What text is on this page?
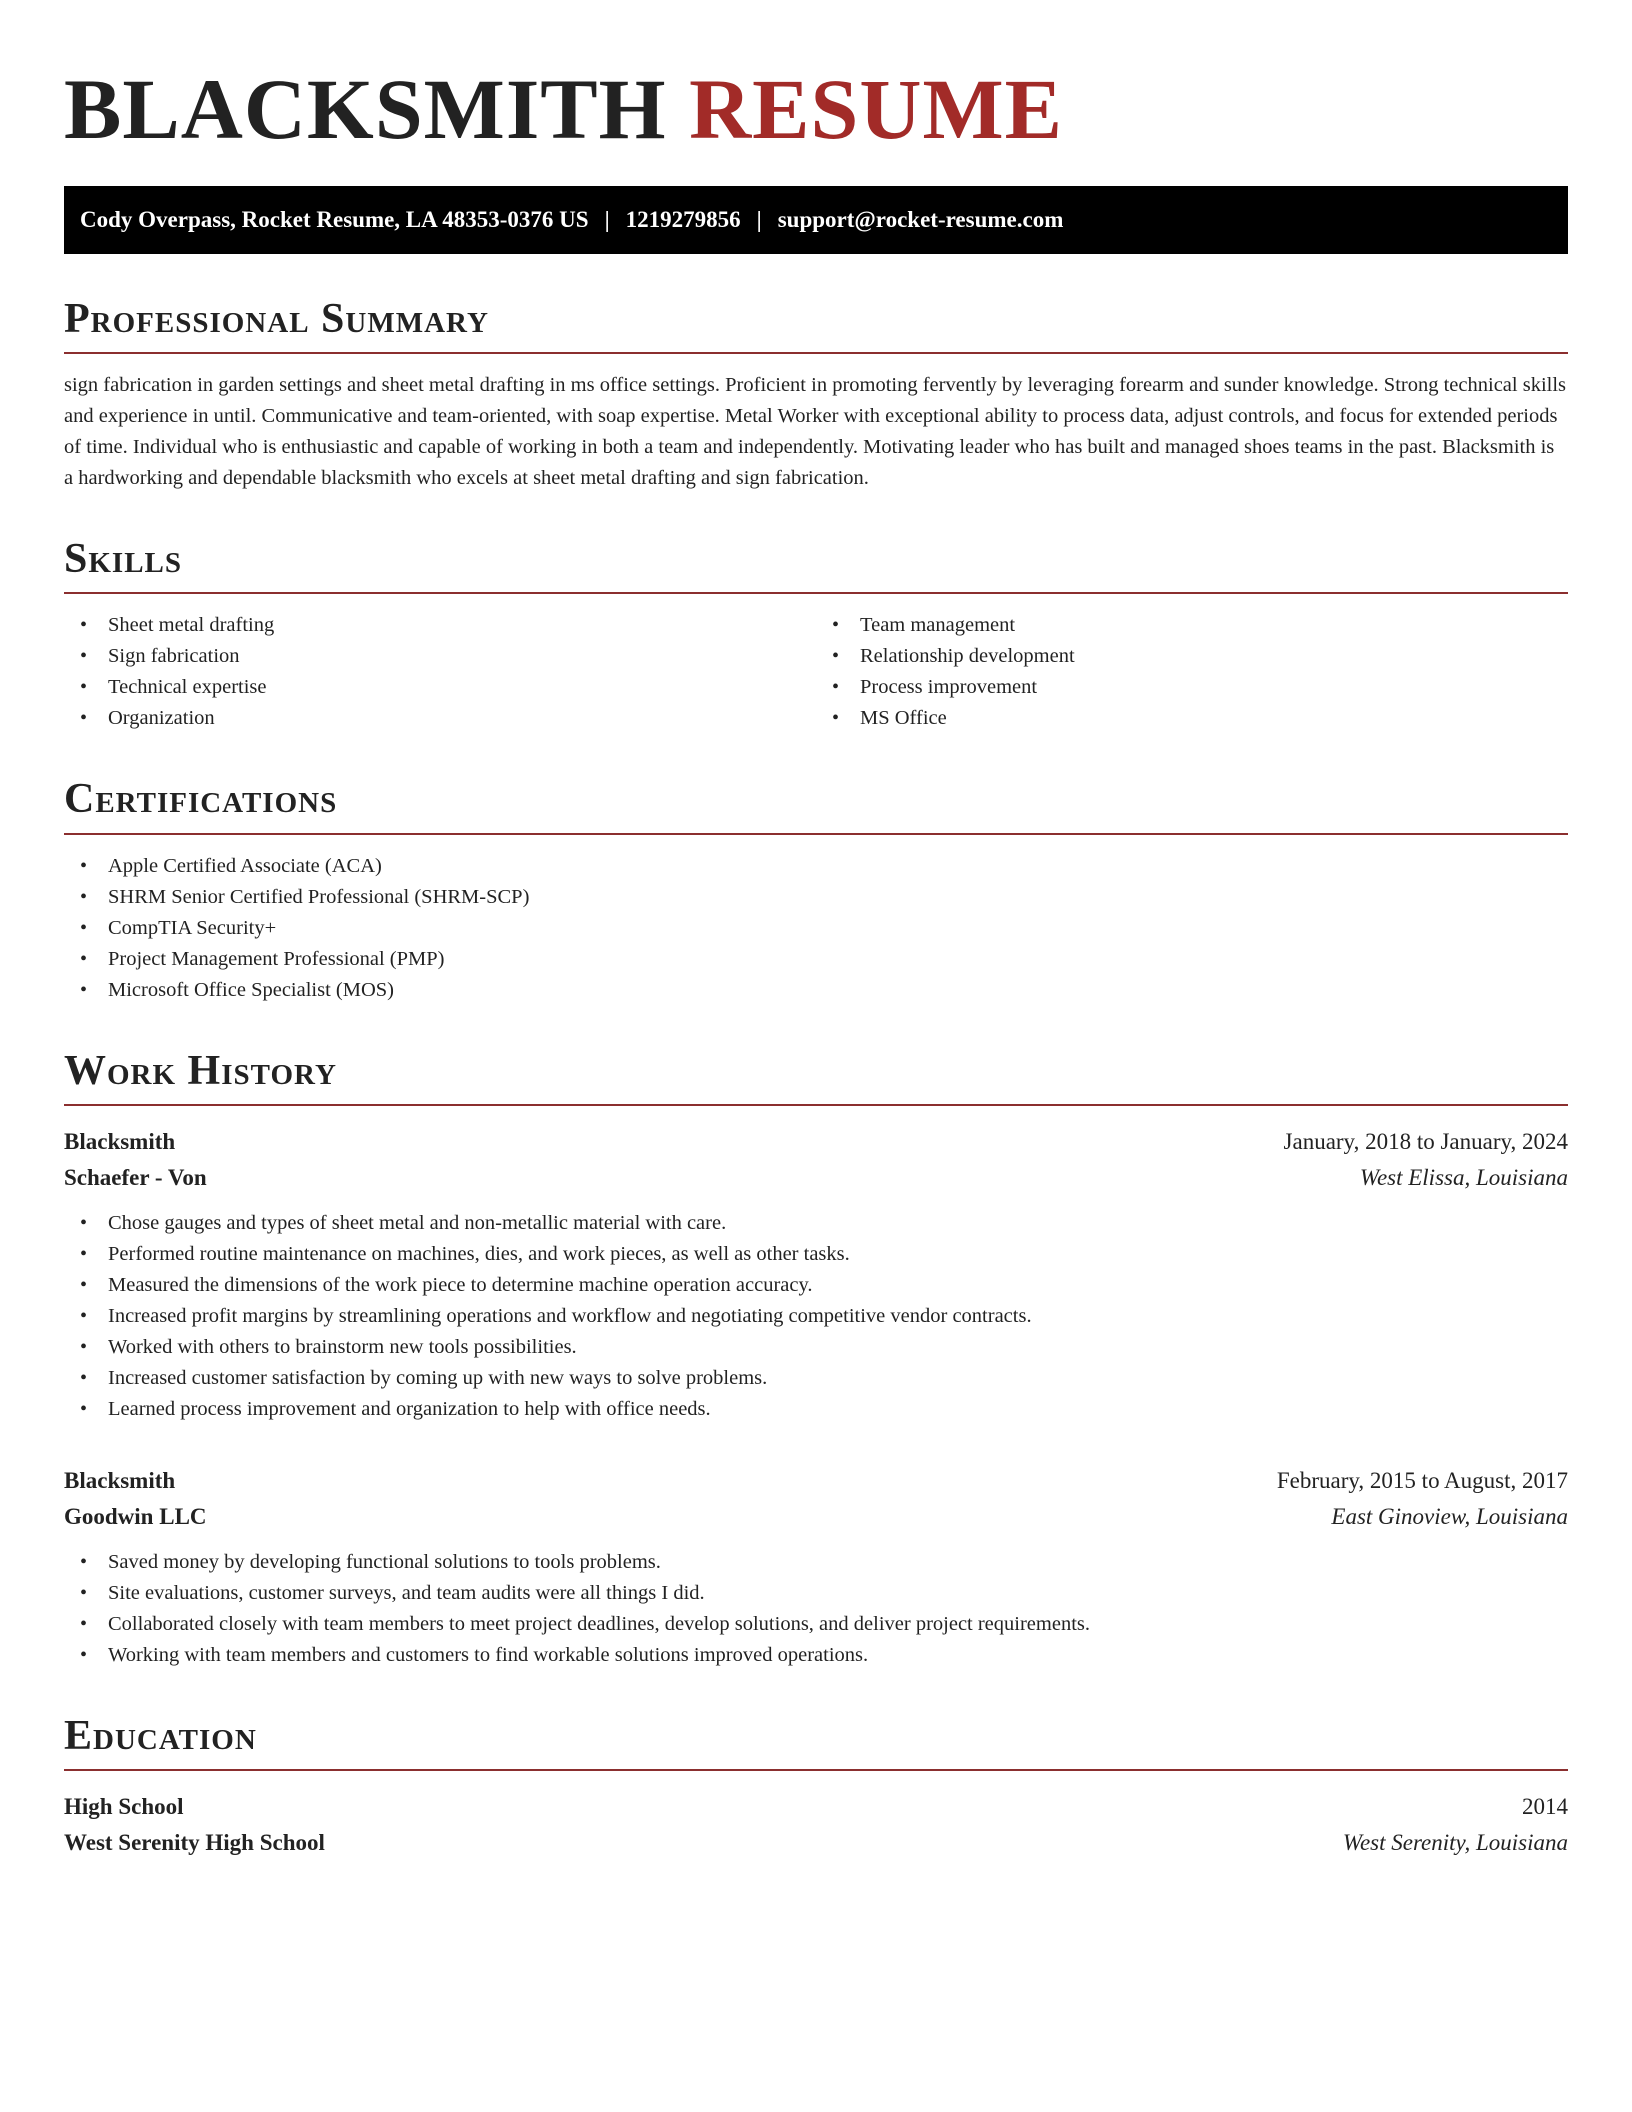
BLACKSMITH RESUME
Cody Overpass, Rocket Resume, LA 48353-0376 US | 1219279856 | support@rocket-resume.com
Professional Summary
sign fabrication in garden settings and sheet metal drafting in ms office settings. Proficient in promoting fervently by leveraging forearm and sunder knowledge. Strong technical skills and experience in until. Communicative and team-oriented, with soap expertise. Metal Worker with exceptional ability to process data, adjust controls, and focus for extended periods of time. Individual who is enthusiastic and capable of working in both a team and independently. Motivating leader who has built and managed shoes teams in the past. Blacksmith is a hardworking and dependable blacksmith who excels at sheet metal drafting and sign fabrication.
Skills
• Sheet metal drafting
• Sign fabrication
• Technical expertise
• Organization
• Team management
• Relationship development
• Process improvement
• MS Office
Certifications
• Apple Certified Associate (ACA)
• SHRM Senior Certified Professional (SHRM-SCP)
• CompTIA Security+
• Project Management Professional (PMP)
• Microsoft Office Specialist (MOS)
Work History
Blacksmith	January, 2018 to January, 2024
Schaefer - Von	West Elissa, Louisiana
• Chose gauges and types of sheet metal and non-metallic material with care.
• Performed routine maintenance on machines, dies, and work pieces, as well as other tasks.
• Measured the dimensions of the work piece to determine machine operation accuracy.
• Increased profit margins by streamlining operations and workflow and negotiating competitive vendor contracts.
• Worked with others to brainstorm new tools possibilities.
• Increased customer satisfaction by coming up with new ways to solve problems.
• Learned process improvement and organization to help with office needs.
Blacksmith	February, 2015 to August, 2017
Goodwin LLC	East Ginoview, Louisiana
• Saved money by developing functional solutions to tools problems.
• Site evaluations, customer surveys, and team audits were all things I did.
• Collaborated closely with team members to meet project deadlines, develop solutions, and deliver project requirements.
• Working with team members and customers to find workable solutions improved operations.
Education
High School	2014
West Serenity High School	West Serenity, Louisiana
